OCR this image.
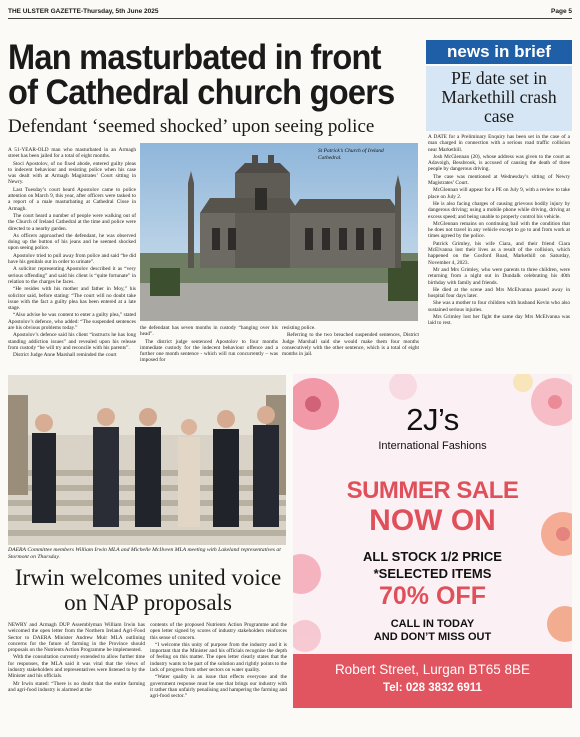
THE ULSTER GAZETTE-Thursday, 5th June 2025	Page 5
Man masturbated in front of Cathedral church goers
Defendant ‘seemed shocked’ upon seeing police

A 51-YEAR-OLD man who masturbated in an Armagh street has been jailed for a total of eight months.

Stoci Apostolov, of no fixed abode, entered guilty pleas to indecent behaviour and resisting police when his case was dealt with at Armagh Magistrates’ Court sitting in Newry.

Last Tuesday’s court heard Apostolov came to police attention on March 9, this year, after officers were tasked to a report of a male masturbating at Cathedral Close in Armagh.

The court heard a number of people were walking out of the Church of Ireland Cathedral at the time and police were directed to a nearby garden.

As officers approached the defendant, he was observed doing up the button of his jeans and he seemed shocked upon seeing police.

Apostolov tried to pull away from police and said “he did have his genitals out in order to urinate”.

A solicitor representing Apostolov described it as “very serious offending” and said his client is “quite fortunate” in relation to the charges he faces.

“He resides with his mother and father in Moy,” his solicitor said, before stating: “The court will no doubt take issue with the fact a guilty plea has been entered at a late stage.

“Also advise he was content to enter a guilty plea,” stated Apostolov’s defence, who added: “The suspended sentences are his obvious problems today.”

Apostolov’s defence said his client “instructs he has long standing addiction issues” and revealed upon his release from custody “he will try and reconcile with his parents”.

District Judge Anne Marshall reminded the court

St Patrick’s Church of Ireland Cathedral.

the defendant has seven months in custody “hanging over his head”.

The district judge sentenced Apostolov to four months immediate custody for the indecent behaviour offence and a further one month sentence - which will run concurrently – was imposed for

resisting police.

Referring to the two breached suspended sentences, District Judge Marshall said she would make them four months consecutively with the other sentence, which is a total of eight months in jail.

news in brief
PE date set in Markethill crash case

A DATE for a Preliminary Enquiry has been set in the case of a man charged in connection with a serious road traffic collision near Markethill.

Josh McGlennan (20), whose address was given to the court as Adavoigh, Bessbrook, is accused of causing the death of three people by dangerous driving.

The case was mentioned at Wednesday’s sitting of Newry Magistrates’ Court.

McGlennan will appear for a PE on July 9, with a review to take place on July 2.

He is also facing charges of causing grievous bodily injury by dangerous driving; using a mobile phone while driving, driving at excess speed; and being unable to properly control his vehicle.

McGlennan remains on continuing bail with the condition that he does not travel in any vehicle except to go to and from work at times agreed by the police.

Patrick Grimley, his wife Ciara, and their friend Ciara McElvanna lost their lives as a result of the collision, which happened on the Gosford Road, Markethill on Saturday, November 4, 2023.

Mr and Mrs Grimley, who were parents to three children, were returning from a night out in Dundalk celebrating his 40th birthday with family and friends.

He died at the scene and Mrs McElvanna passed away in hospital four days later.

She was a mother to four children with husband Kevin who also sustained serious injuries.

Mrs Grimley lost her fight the same day Mrs McElvanna was laid to rest.

DAERA Committee members William Irwin MLA and Michelle McIlveen MLA meeting with Lakeland representatives at Stormont on Thursday.
Irwin welcomes united voice on NAP proposals

NEWRY and Armagh DUP Assemblyman William Irwin has welcomed the open letter from the Northern Ireland Agri-Food Sector to DAERA Minister Andrew Muir MLA outlining concerns for the future of farming in the Province should proposals on the Nutrients Action Programme be implemented.

With the consultation currently extended to allow further time for responses, the MLA said it was vital that the views of industry stakeholders and representatives were listened to by the Minister and his officials.

Mr Irwin stated: “There is no doubt that the entire farming and agri-food industry is alarmed at the

contents of the proposed Nutrients Action Programme and the open letter signed by scores of industry stakeholders reinforces this sense of concern.

“I welcome this unity of purpose from the industry and it is important that the Minister and his officials recognise the depth of feeling on this matter. The open letter clearly states that the industry wants to be part of the solution and rightly points to the lack of progress from other sectors on water quality.

“Water quality is an issue that effects everyone and the government response must be one that brings our industry with it rather than unfairly penalising and hampering the farming and agri-food sector.”

2J’s
International Fashions
SUMMER SALE
NOW ON
ALL STOCK 1/2 PRICE
*SELECTED ITEMS
70% OFF
CALL IN TODAY
AND DON’T MISS OUT
Robert Street, Lurgan BT65 8BE
Tel: 028 3832 6911
